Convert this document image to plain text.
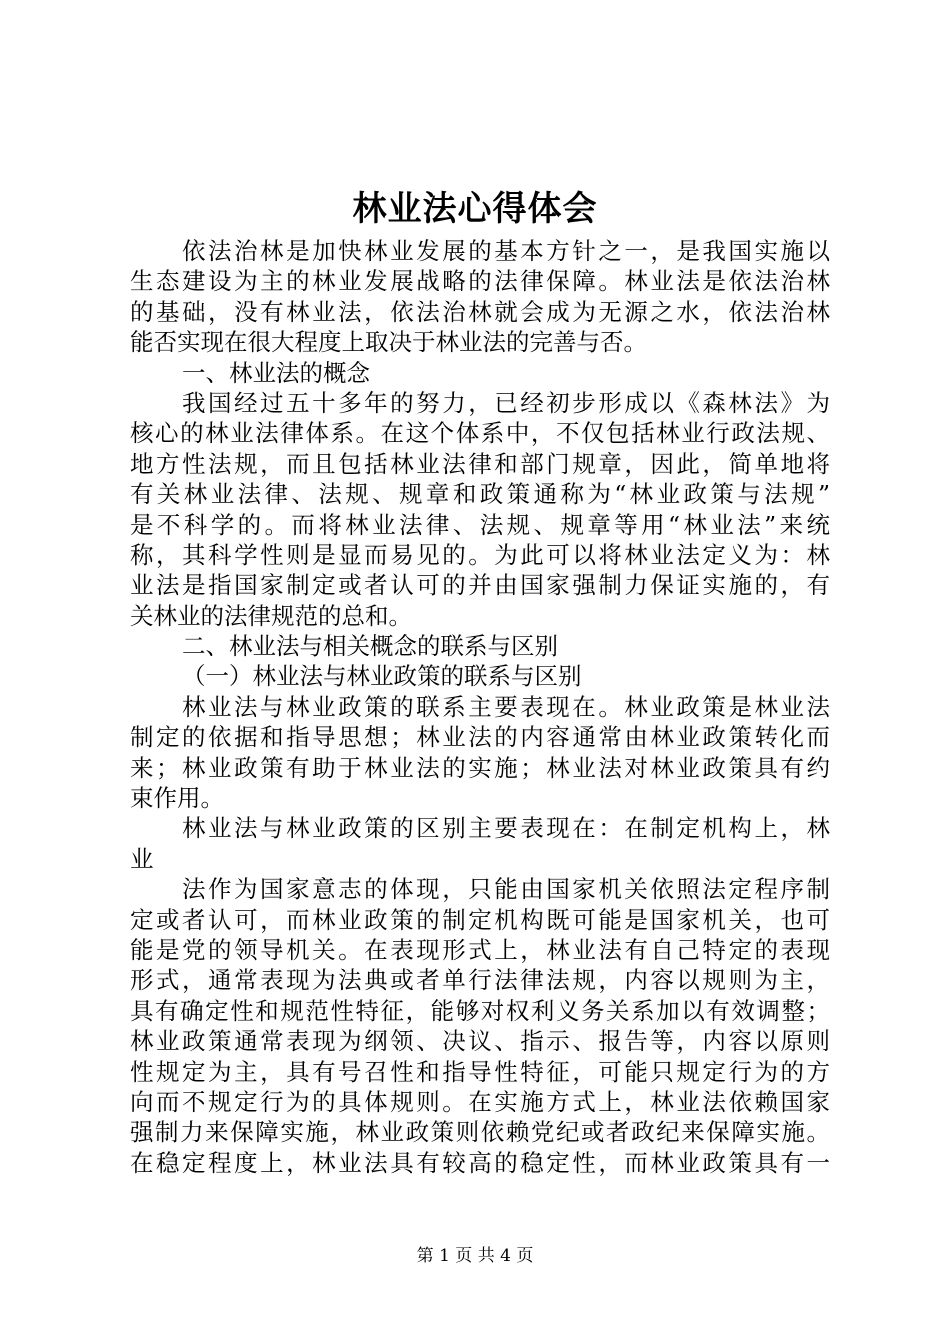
林业法心得体会
依法治林是加快林业发展的基本方针之一，是我国实施以
生态建设为主的林业发展战略的法律保障。林业法是依法治林
的基础，没有林业法，依法治林就会成为无源之水，依法治林
能否实现在很大程度上取决于林业法的完善与否。
一、林业法的概念
我国经过五十多年的努力，已经初步形成以《森林法》为
核心的林业法律体系。在这个体系中，不仅包括林业行政法规、
地方性法规，而且包括林业法律和部门规章，因此，简单地将
有关林业法律、法规、规章和政策通称为“林业政策与法规”
是不科学的。而将林业法律、法规、规章等用“林业法”来统
称，其科学性则是显而易见的。为此可以将林业法定义为：林
业法是指国家制定或者认可的并由国家强制力保证实施的，有
关林业的法律规范的总和。
二、林业法与相关概念的联系与区别
（一）林业法与林业政策的联系与区别
林业法与林业政策的联系主要表现在。林业政策是林业法
制定的依据和指导思想；林业法的内容通常由林业政策转化而
来；林业政策有助于林业法的实施；林业法对林业政策具有约
束作用。
林业法与林业政策的区别主要表现在：在制定机构上，林
业
法作为国家意志的体现，只能由国家机关依照法定程序制
定或者认可，而林业政策的制定机构既可能是国家机关，也可
能是党的领导机关。在表现形式上，林业法有自己特定的表现
形式，通常表现为法典或者单行法律法规，内容以规则为主，
具有确定性和规范性特征，能够对权利义务关系加以有效调整；
林业政策通常表现为纲领、决议、指示、报告等，内容以原则
性规定为主，具有号召性和指导性特征，可能只规定行为的方
向而不规定行为的具体规则。在实施方式上，林业法依赖国家
强制力来保障实施，林业政策则依赖党纪或者政纪来保障实施。
在稳定程度上，林业法具有较高的稳定性，而林业政策具有一
第 1 页 共 4 页
